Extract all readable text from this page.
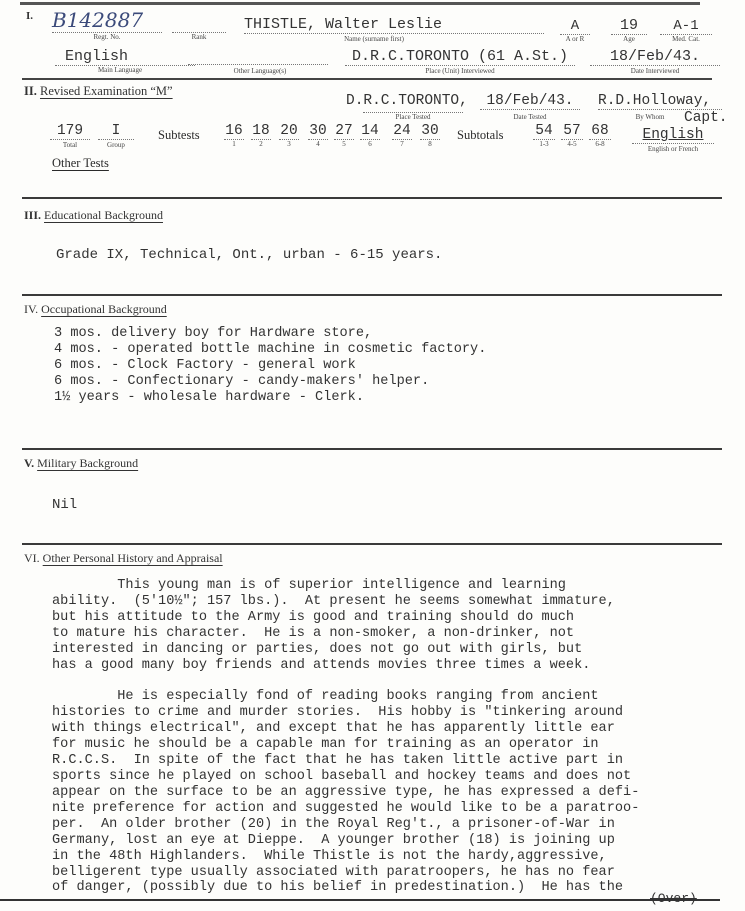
I. B142887
Regt. No.	Rank
THISTLE, Walter Leslie
Name (surname first)
A
A or R
19
Age
A-1
Med. Cat.
English
Main Language	Other Language(s)
D.R.C.TORONTO (61 A.St.)
Place (Unit) Interviewed
18/Feb/43.
Date Interviewed
II. Revised Examination “M”
D.R.C.TORONTO,
Place Tested
18/Feb/43.
Date Tested
R.D.Holloway,
By Whom	Capt.
179
Total
I
Group
Subtests 16
1
18
2
20
3
30
4
27
5
14
6
24
7
30
8
Subtotals 54
1-3
57
4-5
68
6-8
English
English or French
Other Tests
III. Educational Background
Grade IX, Technical, Ont., urban - 6-15 years.
IV. Occupational Background
3 mos. delivery boy for Hardware store,
4 mos. - operated bottle machine in cosmetic factory.
6 mos. - Clock Factory - general work
6 mos. - Confectionary - candy-makers' helper.
1½ years - wholesale hardware - Clerk.
V. Military Background
Nil
VI. Other Personal History and Appraisal
This young man is of superior intelligence and learning
ability.  (5'10½"; 157 lbs.).  At present he seems somewhat immature,
but his attitude to the Army is good and training should do much
to mature his character.  He is a non-smoker, a non-drinker, not
interested in dancing or parties, does not go out with girls, but
has a good many boy friends and attends movies three times a week.
He is especially fond of reading books ranging from ancient
histories to crime and murder stories.  His hobby is "tinkering around
with things electrical", and except that he has apparently little ear
for music he should be a capable man for training as an operator in
R.C.C.S.  In spite of the fact that he has taken little active part in
sports since he played on school baseball and hockey teams and does not
appear on the surface to be an aggressive type, he has expressed a defi-
nite preference for action and suggested he would like to be a paratroo-
per.  An older brother (20) in the Royal Reg't., a prisoner-of-War in
Germany, lost an eye at Dieppe.  A younger brother (18) is joining up
in the 48th Highlanders.  While Thistle is not the hardy,aggressive,
belligerent type usually associated with paratroopers, he has no fear
of danger, (possibly due to his belief in predestination.)  He has the
(Over)
